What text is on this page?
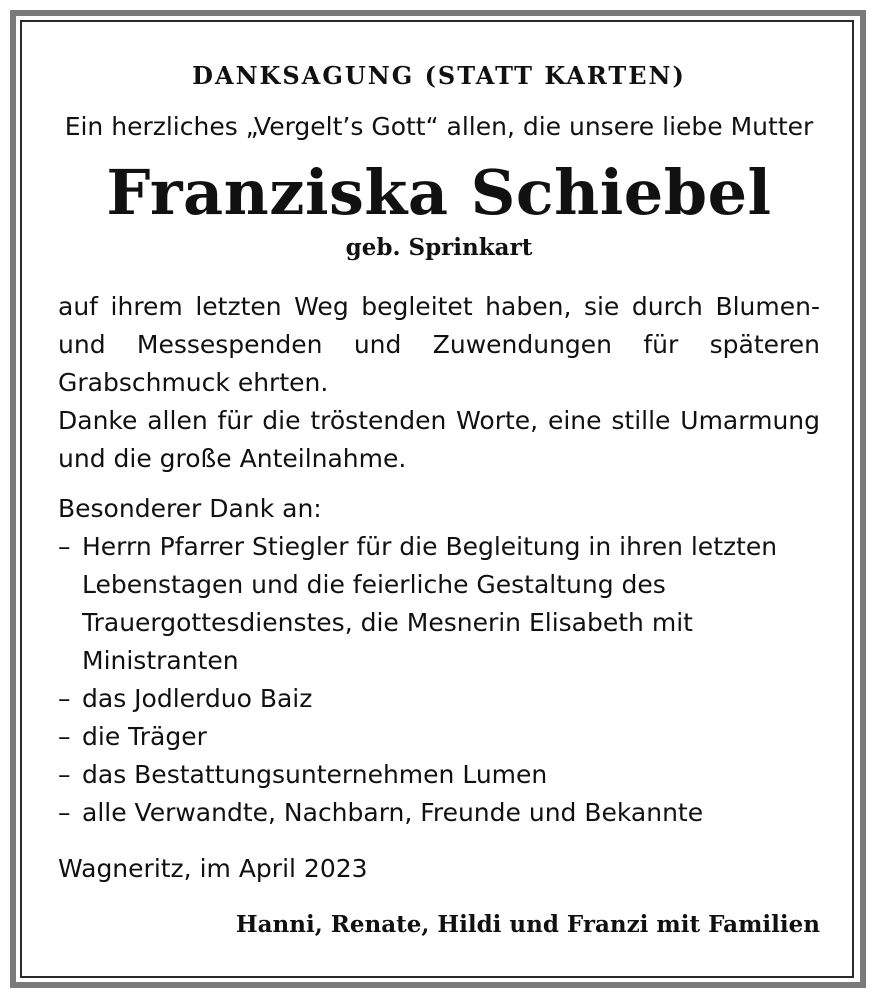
DANKSAGUNG (STATT KARTEN)
Ein herzliches „Vergelt’s Gott“ allen, die unsere liebe Mutter
Franziska Schiebel
geb. Sprinkart

auf ihrem letzten Weg begleitet haben, sie durch Blumen- und Messespenden und Zuwendungen für späteren Grabschmuck ehrten.

Danke allen für die tröstenden Worte, eine stille Umarmung und die große Anteilnahme.

Besonderer Dank an:
– Herrn Pfarrer Stiegler für die Begleitung in ihren letzten Lebenstagen und die feierliche Gestaltung des Trauergottesdienstes, die Mesnerin Elisabeth mit Ministranten
– das Jodlerduo Baiz
– die Träger
– das Bestattungsunternehmen Lumen
– alle Verwandte, Nachbarn, Freunde und Bekannte
Wagneritz, im April 2023
Hanni, Renate, Hildi und Franzi mit Familien
